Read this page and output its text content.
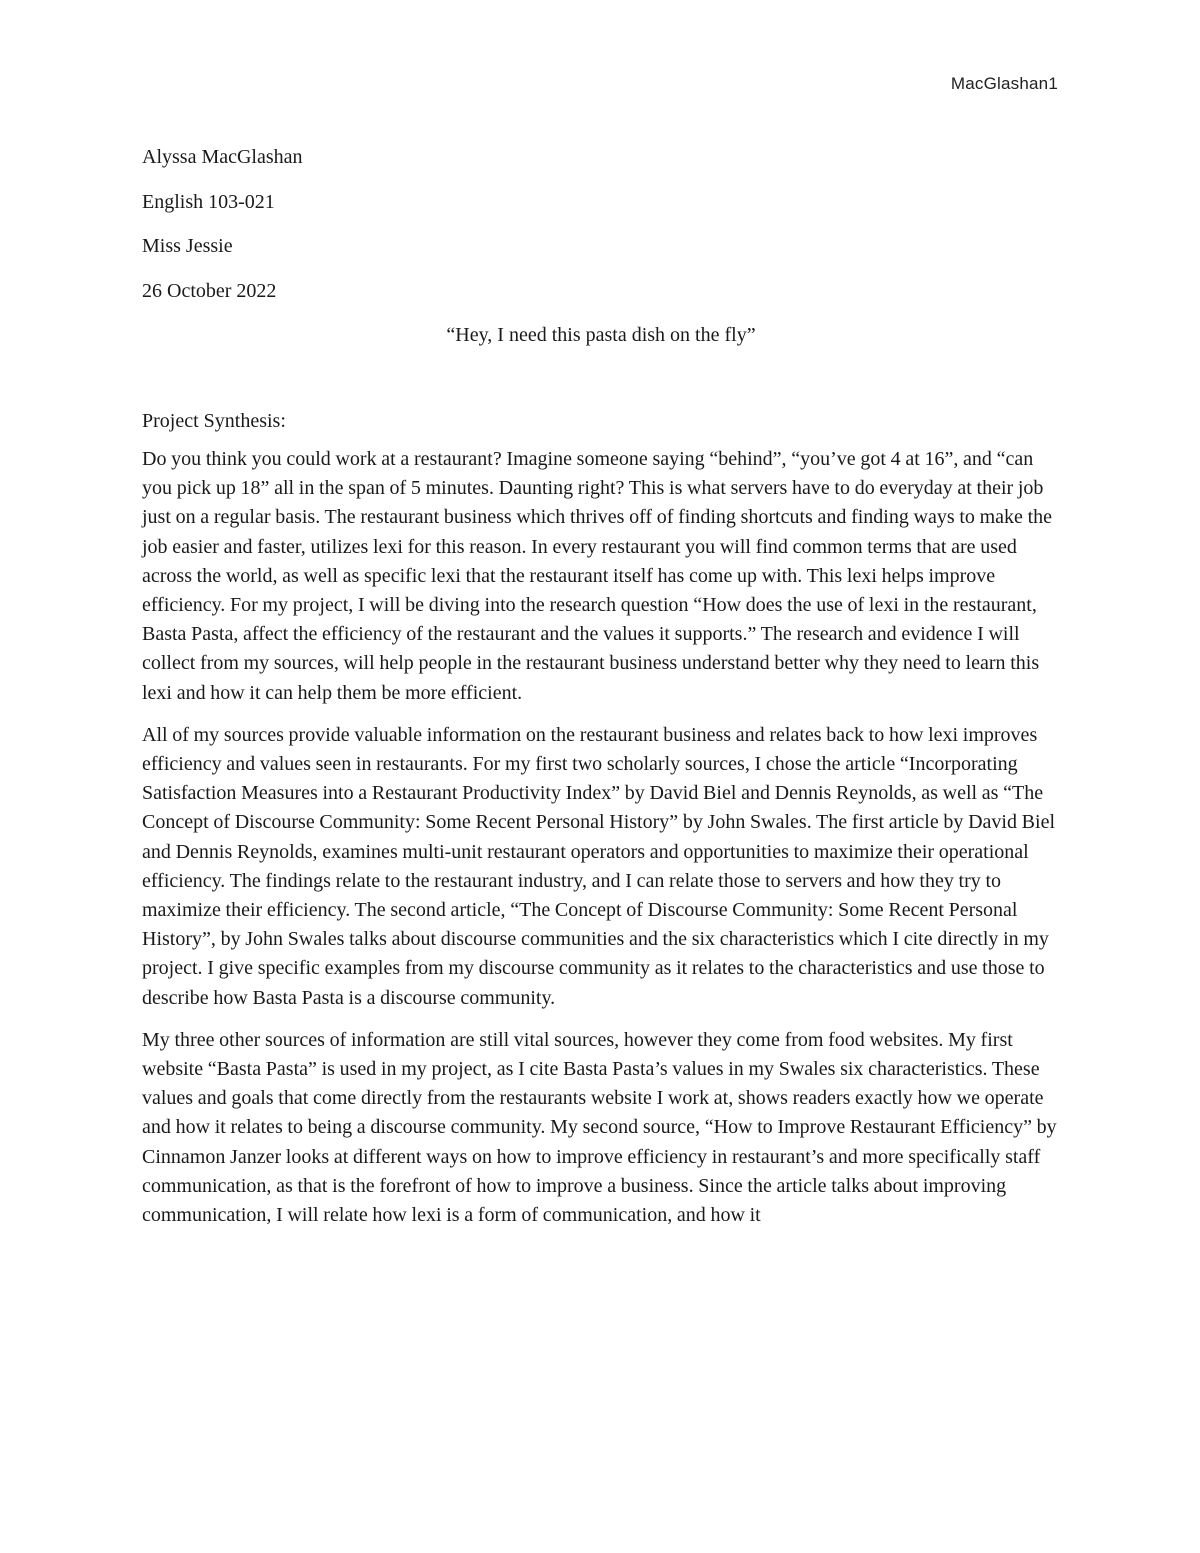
MacGlashan1

Alyssa MacGlashan

English 103-021

Miss Jessie

26 October 2022

“Hey, I need this pasta dish on the fly”

Project Synthesis:

Do you think you could work at a restaurant? Imagine someone saying “behind”, “you’ve got 4 at 16”, and “can you pick up 18” all in the span of 5 minutes. Daunting right? This is what servers have to do everyday at their job just on a regular basis. The restaurant business which thrives off of finding shortcuts and finding ways to make the job easier and faster, utilizes lexi for this reason. In every restaurant you will find common terms that are used across the world, as well as specific lexi that the restaurant itself has come up with. This lexi helps improve efficiency. For my project, I will be diving into the research question “How does the use of lexi in the restaurant, Basta Pasta, affect the efficiency of the restaurant and the values it supports.” The research and evidence I will collect from my sources, will help people in the restaurant business understand better why they need to learn this lexi and how it can help them be more efficient.

All of my sources provide valuable information on the restaurant business and relates back to how lexi improves efficiency and values seen in restaurants. For my first two scholarly sources, I chose the article “Incorporating Satisfaction Measures into a Restaurant Productivity Index” by David Biel and Dennis Reynolds, as well as “The Concept of Discourse Community: Some Recent Personal History” by John Swales. The first article by David Biel and Dennis Reynolds, examines multi-unit restaurant operators and opportunities to maximize their operational efficiency. The findings relate to the restaurant industry, and I can relate those to servers and how they try to maximize their efficiency. The second article, “The Concept of Discourse Community: Some Recent Personal History”, by John Swales talks about discourse communities and the six characteristics which I cite directly in my project. I give specific examples from my discourse community as it relates to the characteristics and use those to describe how Basta Pasta is a discourse community.

My three other sources of information are still vital sources, however they come from food websites. My first website “Basta Pasta” is used in my project, as I cite Basta Pasta’s values in my Swales six characteristics. These values and goals that come directly from the restaurants website I work at, shows readers exactly how we operate and how it relates to being a discourse community. My second source, “How to Improve Restaurant Efficiency” by Cinnamon Janzer looks at different ways on how to improve efficiency in restaurant’s and more specifically staff communication, as that is the forefront of how to improve a business. Since the article talks about improving communication, I will relate how lexi is a form of communication, and how it
